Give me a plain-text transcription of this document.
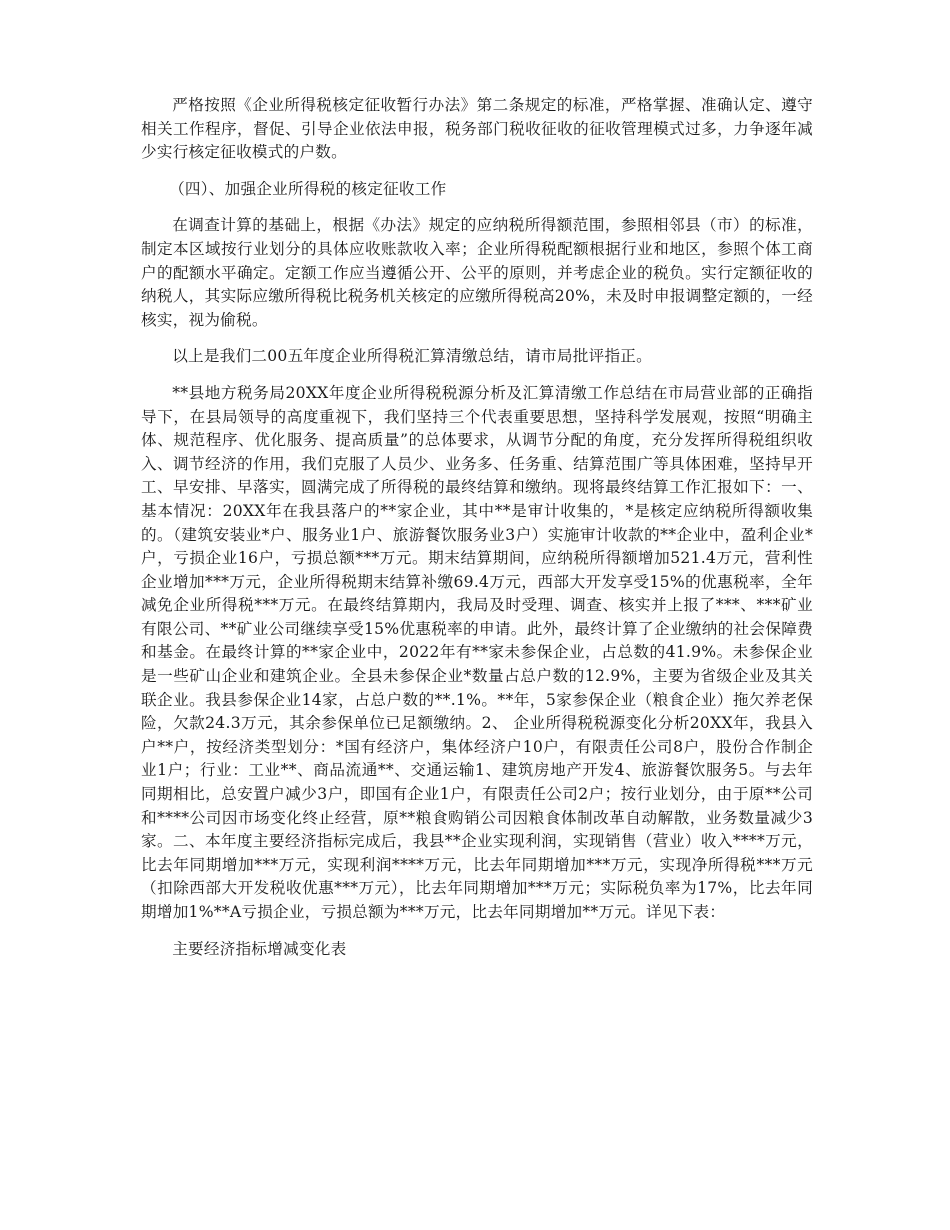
严格按照《企业所得税核定征收暂行办法》第二条规定的标准，严格掌握、准确认定、遵守相关工作程序，督促、引导企业依法申报，税务部门税收征收的征收管理模式过多，力争逐年减少实行核定征收模式的户数。

（四）、加强企业所得税的核定征收工作

在调查计算的基础上，根据《办法》规定的应纳税所得额范围，参照相邻县（市）的标准，制定本区域按行业划分的具体应收账款收入率；企业所得税配额根据行业和地区，参照个体工商户的配额水平确定。定额工作应当遵循公开、公平的原则，并考虑企业的税负。实行定额征收的纳税人，其实际应缴所得税比税务机关核定的应缴所得税高20%，未及时申报调整定额的，一经核实，视为偷税。

以上是我们二00五年度企业所得税汇算清缴总结，请市局批评指正。

**县地方税务局20XX年度企业所得税税源分析及汇算清缴工作总结在市局营业部的正确指导下，在县局领导的高度重视下，我们坚持三个代表重要思想，坚持科学发展观，按照“明确主体、规范程序、优化服务、提高质量”的总体要求，从调节分配的角度，充分发挥所得税组织收入、调节经济的作用，我们克服了人员少、业务多、任务重、结算范围广等具体困难，坚持早开工、早安排、早落实，圆满完成了所得税的最终结算和缴纳。现将最终结算工作汇报如下：一、基本情况：20XX年在我县落户的**家企业，其中**是审计收集的，*是核定应纳税所得额收集的。（建筑安装业*户、服务业1户、旅游餐饮服务业3户）实施审计收款的**企业中，盈利企业*户，亏损企业16户，亏损总额***万元。期末结算期间，应纳税所得额增加521.4万元，营利性企业增加***万元，企业所得税期末结算补缴69.4万元，西部大开发享受15%的优惠税率，全年减免企业所得税***万元。在最终结算期内，我局及时受理、调查、核实并上报了***、***矿业有限公司、**矿业公司继续享受15%优惠税率的申请。此外，最终计算了企业缴纳的社会保障费和基金。在最终计算的**家企业中，2022年有**家未参保企业，占总数的41.9%。未参保企业是一些矿山企业和建筑企业。全县未参保企业*数量占总户数的12.9%，主要为省级企业及其关联企业。我县参保企业14家，占总户数的**.1%。**年，5家参保企业（粮食企业）拖欠养老保险，欠款24.3万元，其余参保单位已足额缴纳。2、 企业所得税税源变化分析20XX年，我县入户**户，按经济类型划分：*国有经济户，集体经济户10户，有限责任公司8户，股份合作制企业1户；行业：工业**、商品流通**、交通运输1、建筑房地产开发4、旅游餐饮服务5。与去年同期相比，总安置户减少3户，即国有企业1户，有限责任公司2户；按行业划分，由于原**公司和****公司因市场变化终止经营，原**粮食购销公司因粮食体制改革自动解散，业务数量减少3家。二、本年度主要经济指标完成后，我县**企业实现利润，实现销售（营业）收入****万元，比去年同期增加***万元，实现利润****万元，比去年同期增加***万元，实现净所得税***万元（扣除西部大开发税收优惠***万元），比去年同期增加***万元；实际税负率为17%，比去年同期增加1%**A亏损企业，亏损总额为***万元，比去年同期增加**万元。详见下表：

主要经济指标增减变化表
